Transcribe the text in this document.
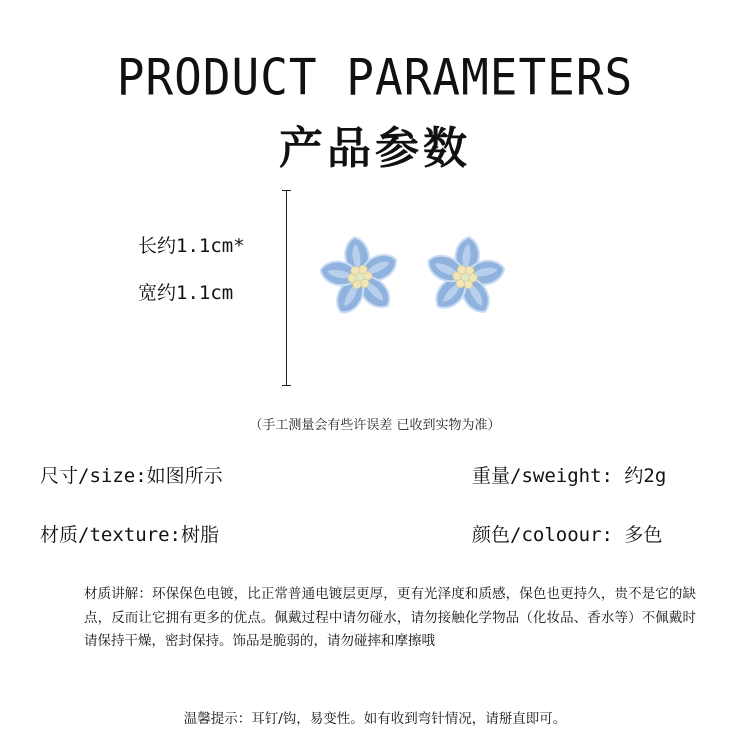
PRODUCT PARAMETERS
产品参数
长约1.1cm*
宽约1.1cm
（手工测量会有些许误差 已收到实物为准）
尺寸/size:如图所示	重量/sweight: 约2g
材质/texture:树脂	颜色/coloour: 多色
材质讲解：环保保色电镀，比正常普通电镀层更厚，更有光泽度和质感，保色也更持久，贵不是它的缺点，反而让它拥有更多的优点。佩戴过程中请勿碰水，请勿接触化学物品（化妆品、香水等）不佩戴时请保持干燥，密封保持。饰品是脆弱的，请勿碰摔和摩擦哦
温馨提示：耳钉/钩，易变性。如有收到弯针情况，请掰直即可。
